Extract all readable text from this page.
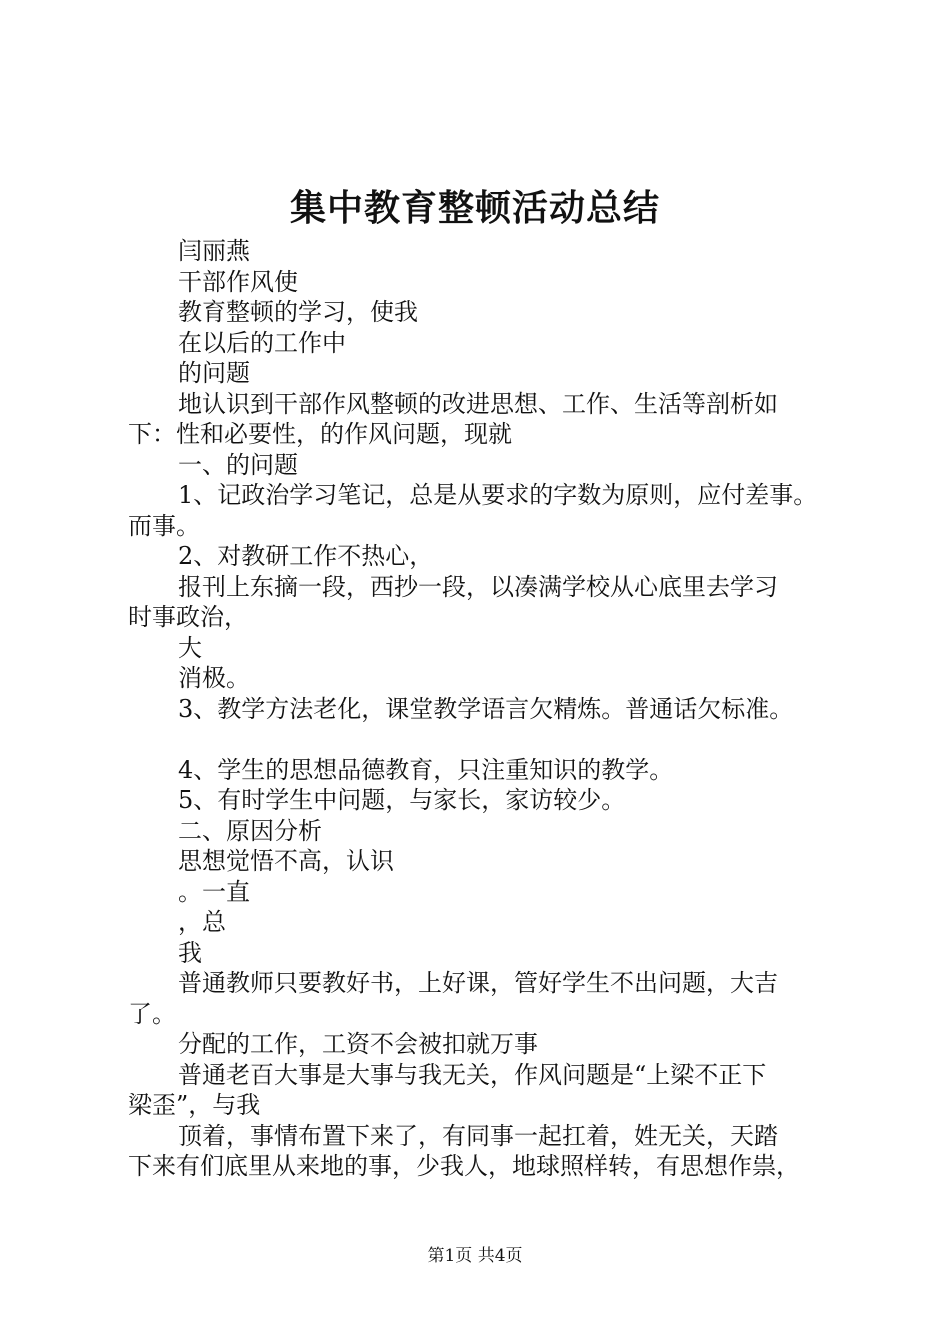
集中教育整顿活动总结
闫丽燕
干部作风使
教育整顿的学习，使我
在以后的工作中
的问题
地认识到干部作风整顿的改进思想、工作、生活等剖析如
下：性和必要性，的作风问题，现就
一、的问题
1、记政治学习笔记，总是从要求的字数为原则，应付差事。
而事。
2、对教研工作不热心，
报刊上东摘一段，西抄一段，以凑满学校从心底里去学习
时事政治，
大
消极。
3、教学方法老化，课堂教学语言欠精炼。普通话欠标准。
4、学生的思想品德教育，只注重知识的教学。
5、有时学生中问题，与家长，家访较少。
二、原因分析
思想觉悟不高，认识
。一直
，总
我
普通教师只要教好书，上好课，管好学生不出问题，大吉
了。
分配的工作，工资不会被扣就万事
普通老百大事是大事与我无关，作风问题是“上梁不正下
梁歪”，与我
顶着，事情布置下来了，有同事一起扛着，姓无关，天踏
下来有们底里从来地的事，少我人，地球照样转，有思想作祟，
第1页 共4页
